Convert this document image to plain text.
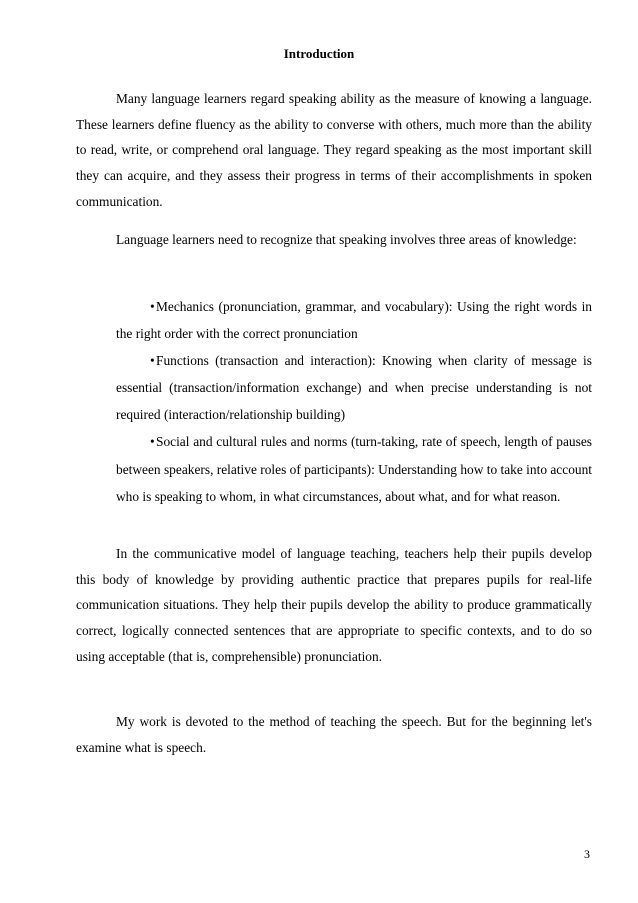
Introduction

Many language learners regard speaking ability as the measure of knowing a language. These learners define fluency as the ability to converse with others, much more than the ability to read, write, or comprehend oral language. They regard speaking as the most important skill they can acquire, and they assess their progress in terms of their accomplishments in spoken communication.

Language learners need to recognize that speaking involves three areas of knowledge:

• Mechanics (pronunciation, grammar, and vocabulary): Using the right words in the right order with the correct pronunciation
• Functions (transaction and interaction): Knowing when clarity of message is essential (transaction/information exchange) and when precise understanding is not required (interaction/relationship building)
• Social and cultural rules and norms (turn-taking, rate of speech, length of pauses between speakers, relative roles of participants): Understanding how to take into account who is speaking to whom, in what circumstances, about what, and for what reason.

In the communicative model of language teaching, teachers help their pupils develop this body of knowledge by providing authentic practice that prepares pupils for real-life communication situations. They help their pupils develop the ability to produce grammatically correct, logically connected sentences that are appropriate to specific contexts, and to do so using acceptable (that is, comprehensible) pronunciation.

My work is devoted to the method of teaching the speech. But for the beginning let's examine what is speech.

3
